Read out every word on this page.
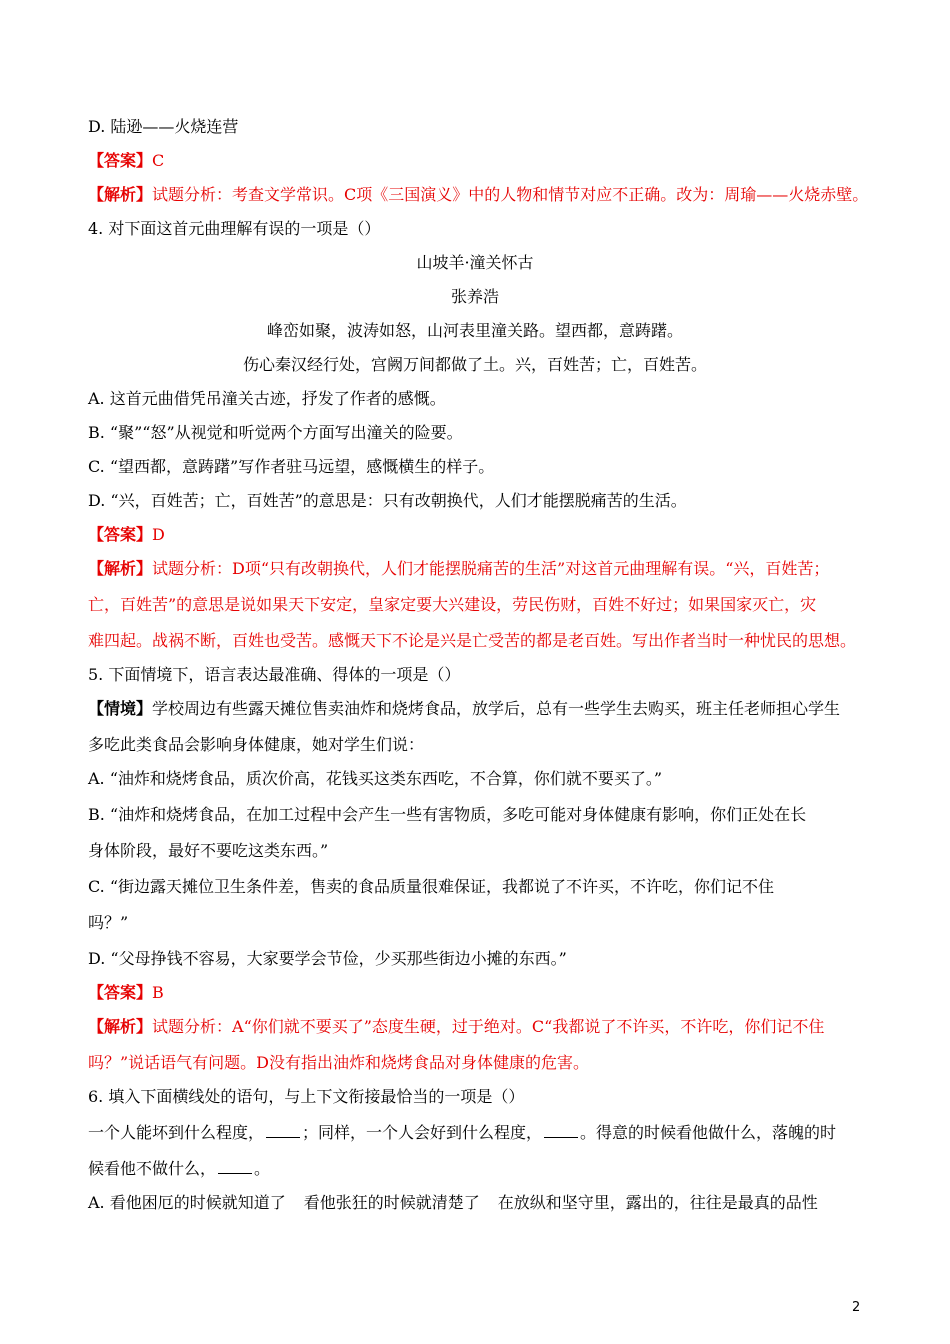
D. 陆逊——火烧连营
【答案】C
【解析】试题分析：考查文学常识。C项《三国演义》中的人物和情节对应不正确。改为：周瑜——火烧赤壁。
4. 对下面这首元曲理解有误的一项是（）
山坡羊·潼关怀古
张养浩
峰峦如聚，波涛如怒，山河表里潼关路。望西都，意踌躇。
伤心秦汉经行处，宫阙万间都做了土。兴，百姓苦；亡，百姓苦。
A. 这首元曲借凭吊潼关古迹，抒发了作者的感慨。
B. “聚”“怒”从视觉和听觉两个方面写出潼关的险要。
C. “望西都，意踌躇”写作者驻马远望，感慨横生的样子。
D. “兴，百姓苦；亡，百姓苦”的意思是：只有改朝换代，人们才能摆脱痛苦的生活。
【答案】D
【解析】试题分析：D项“只有改朝换代，人们才能摆脱痛苦的生活”对这首元曲理解有误。“兴，百姓苦；
亡，百姓苦”的意思是说如果天下安定，皇家定要大兴建设，劳民伤财，百姓不好过；如果国家灭亡，灾
难四起。战祸不断，百姓也受苦。感慨天下不论是兴是亡受苦的都是老百姓。写出作者当时一种忧民的思想。
5. 下面情境下，语言表达最准确、得体的一项是（）
【情境】学校周边有些露天摊位售卖油炸和烧烤食品，放学后，总有一些学生去购买，班主任老师担心学生
多吃此类食品会影响身体健康，她对学生们说：
A. “油炸和烧烤食品，质次价高，花钱买这类东西吃，不合算，你们就不要买了。”
B. “油炸和烧烤食品，在加工过程中会产生一些有害物质，多吃可能对身体健康有影响，你们正处在长
身体阶段，最好不要吃这类东西。”
C. “街边露天摊位卫生条件差，售卖的食品质量很难保证，我都说了不许买，不许吃，你们记不住
吗？”
D. “父母挣钱不容易，大家要学会节俭，少买那些街边小摊的东西。”
【答案】B
【解析】试题分析：A“你们就不要买了”态度生硬，过于绝对。C“我都说了不许买，不许吃，你们记不住
吗？”说话语气有问题。D没有指出油炸和烧烤食品对身体健康的危害。
6. 填入下面横线处的语句，与上下文衔接最恰当的一项是（）
一个人能坏到什么程度， ；同样，一个人会好到什么程度， 。得意的时候看他做什么，落魄的时
候看他不做什么， 。
A. 看他困厄的时候就知道了 看他张狂的时候就清楚了 在放纵和坚守里，露出的，往往是最真的品性
2
